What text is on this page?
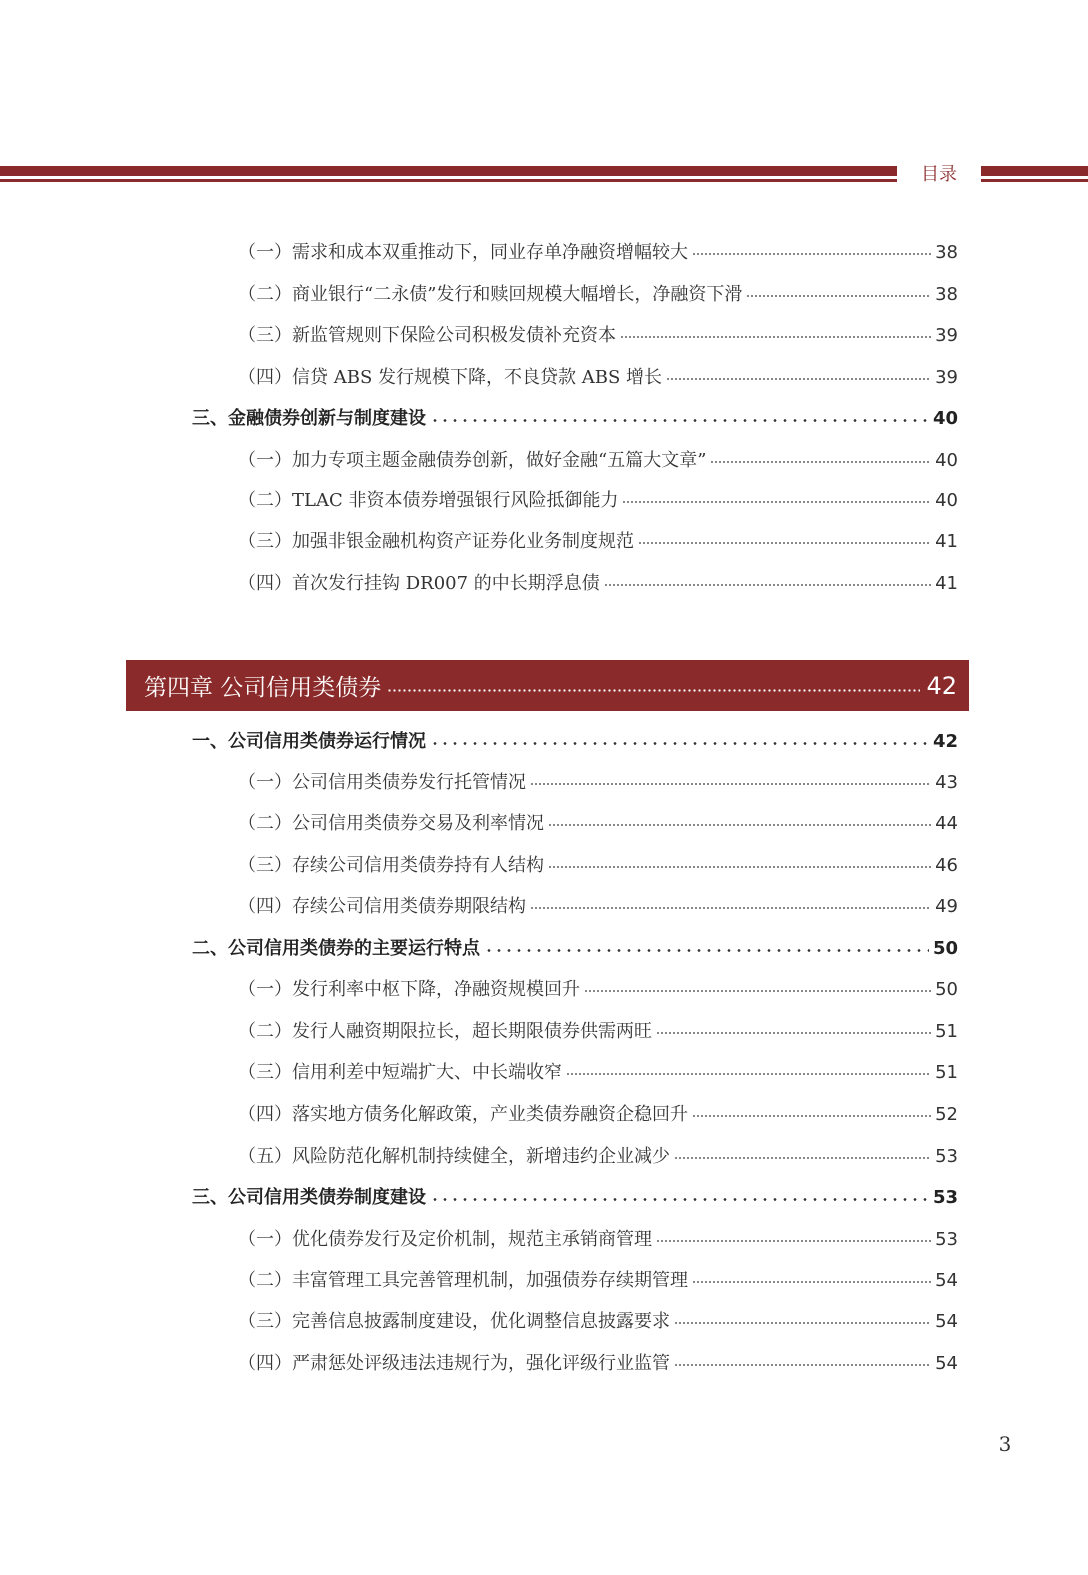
目录
（一）需求和成本双重推动下，同业存单净融资增幅较大	38
（二）商业银行“二永债”发行和赎回规模大幅增长，净融资下滑	38
（三）新监管规则下保险公司积极发债补充资本	39
（四）信贷 ABS 发行规模下降，不良贷款 ABS 增长	39
三、金融债券创新与制度建设	40
（一）加力专项主题金融债券创新，做好金融“五篇大文章”	40
（二）TLAC 非资本债券增强银行风险抵御能力	40
（三）加强非银金融机构资产证券化业务制度规范	41
（四）首次发行挂钩 DR007 的中长期浮息债	41
第四章 公司信用类债券	42
一、公司信用类债券运行情况	42
（一）公司信用类债券发行托管情况	43
（二）公司信用类债券交易及利率情况	44
（三）存续公司信用类债券持有人结构	46
（四）存续公司信用类债券期限结构	49
二、公司信用类债券的主要运行特点	50
（一）发行利率中枢下降，净融资规模回升	50
（二）发行人融资期限拉长，超长期限债券供需两旺	51
（三）信用利差中短端扩大、中长端收窄	51
（四）落实地方债务化解政策，产业类债券融资企稳回升	52
（五）风险防范化解机制持续健全，新增违约企业减少	53
三、公司信用类债券制度建设	53
（一）优化债券发行及定价机制，规范主承销商管理	53
（二）丰富管理工具完善管理机制，加强债券存续期管理	54
（三）完善信息披露制度建设，优化调整信息披露要求	54
（四）严肃惩处评级违法违规行为，强化评级行业监管	54
3
